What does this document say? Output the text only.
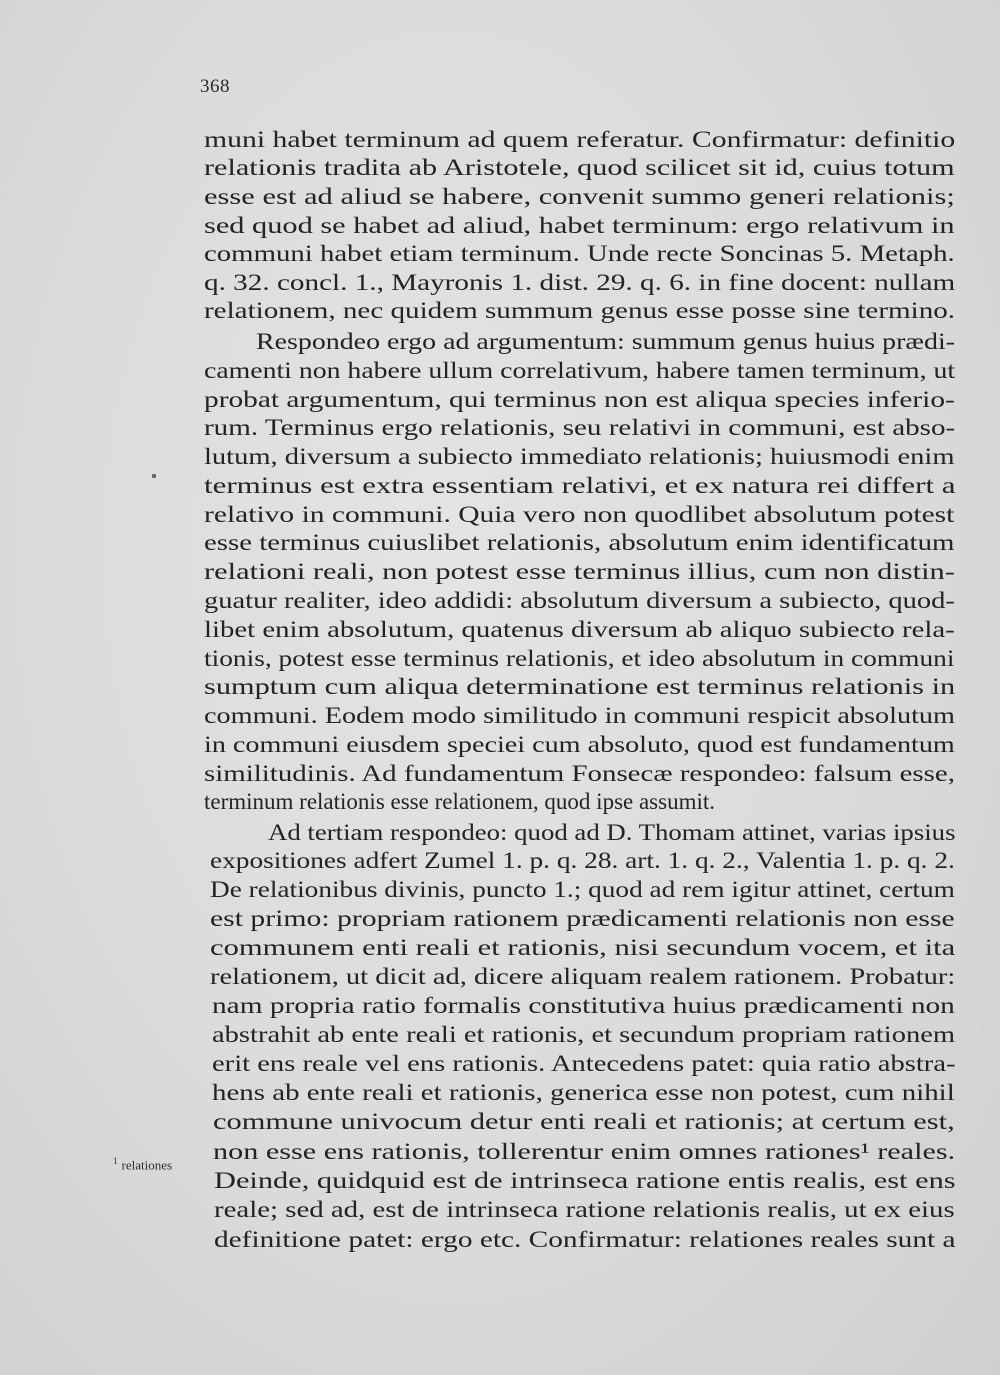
368
$^1$ relationes
muni habet terminum ad quem referatur. Confirmatur: definitio
relationis tradita ab Aristotele, quod scilicet sit id, cuius totum
esse est ad aliud se habere, convenit summo generi relationis;
sed quod se habet ad aliud, habet terminum: ergo relativum in
communi habet etiam terminum. Unde recte Soncinas 5. Metaph.
q. 32. concl. 1., Mayronis 1. dist. 29. q. 6. in fine docent: nullam
relationem, nec quidem summum genus esse posse sine termino.
Respondeo ergo ad argumentum: summum genus huius prædi-
camenti non habere ullum correlativum, habere tamen terminum, ut
probat argumentum, qui terminus non est aliqua species inferio-
rum. Terminus ergo relationis, seu relativi in communi, est abso-
lutum, diversum a subiecto immediato relationis; huiusmodi enim
terminus est extra essentiam relativi, et ex natura rei differt a
relativo in communi. Quia vero non quodlibet absolutum potest
esse terminus cuiuslibet relationis, absolutum enim identificatum
relationi reali, non potest esse terminus illius, cum non distin-
guatur realiter, ideo addidi: absolutum diversum a subiecto, quod-
libet enim absolutum, quatenus diversum ab aliquo subiecto rela-
tionis, potest esse terminus relationis, et ideo absolutum in communi
sumptum cum aliqua determinatione est terminus relationis in
communi. Eodem modo similitudo in communi respicit absolutum
in communi eiusdem speciei cum absoluto, quod est fundamentum
similitudinis. Ad fundamentum Fonsecæ respondeo: falsum esse,
terminum relationis esse relationem, quod ipse assumit.
Ad tertiam respondeo: quod ad D. Thomam attinet, varias ipsius
expositiones adfert Zumel 1. p. q. 28. art. 1. q. 2., Valentia 1. p. q. 2.
De relationibus divinis, puncto 1.; quod ad rem igitur attinet, certum
est primo: propriam rationem prædicamenti relationis non esse
communem enti reali et rationis, nisi secundum vocem, et ita
relationem, ut dicit ad, dicere aliquam realem rationem. Probatur:
nam propria ratio formalis constitutiva huius prædicamenti non
abstrahit ab ente reali et rationis, et secundum propriam rationem
erit ens reale vel ens rationis. Antecedens patet: quia ratio abstra-
hens ab ente reali et rationis, generica esse non potest, cum nihil
commune univocum detur enti reali et rationis; at certum est,
non esse ens rationis, tollerentur enim omnes rationes¹ reales.
Deinde, quidquid est de intrinseca ratione entis realis, est ens
reale; sed ad, est de intrinseca ratione relationis realis, ut ex eius
definitione patet: ergo etc. Confirmatur: relationes reales sunt a
